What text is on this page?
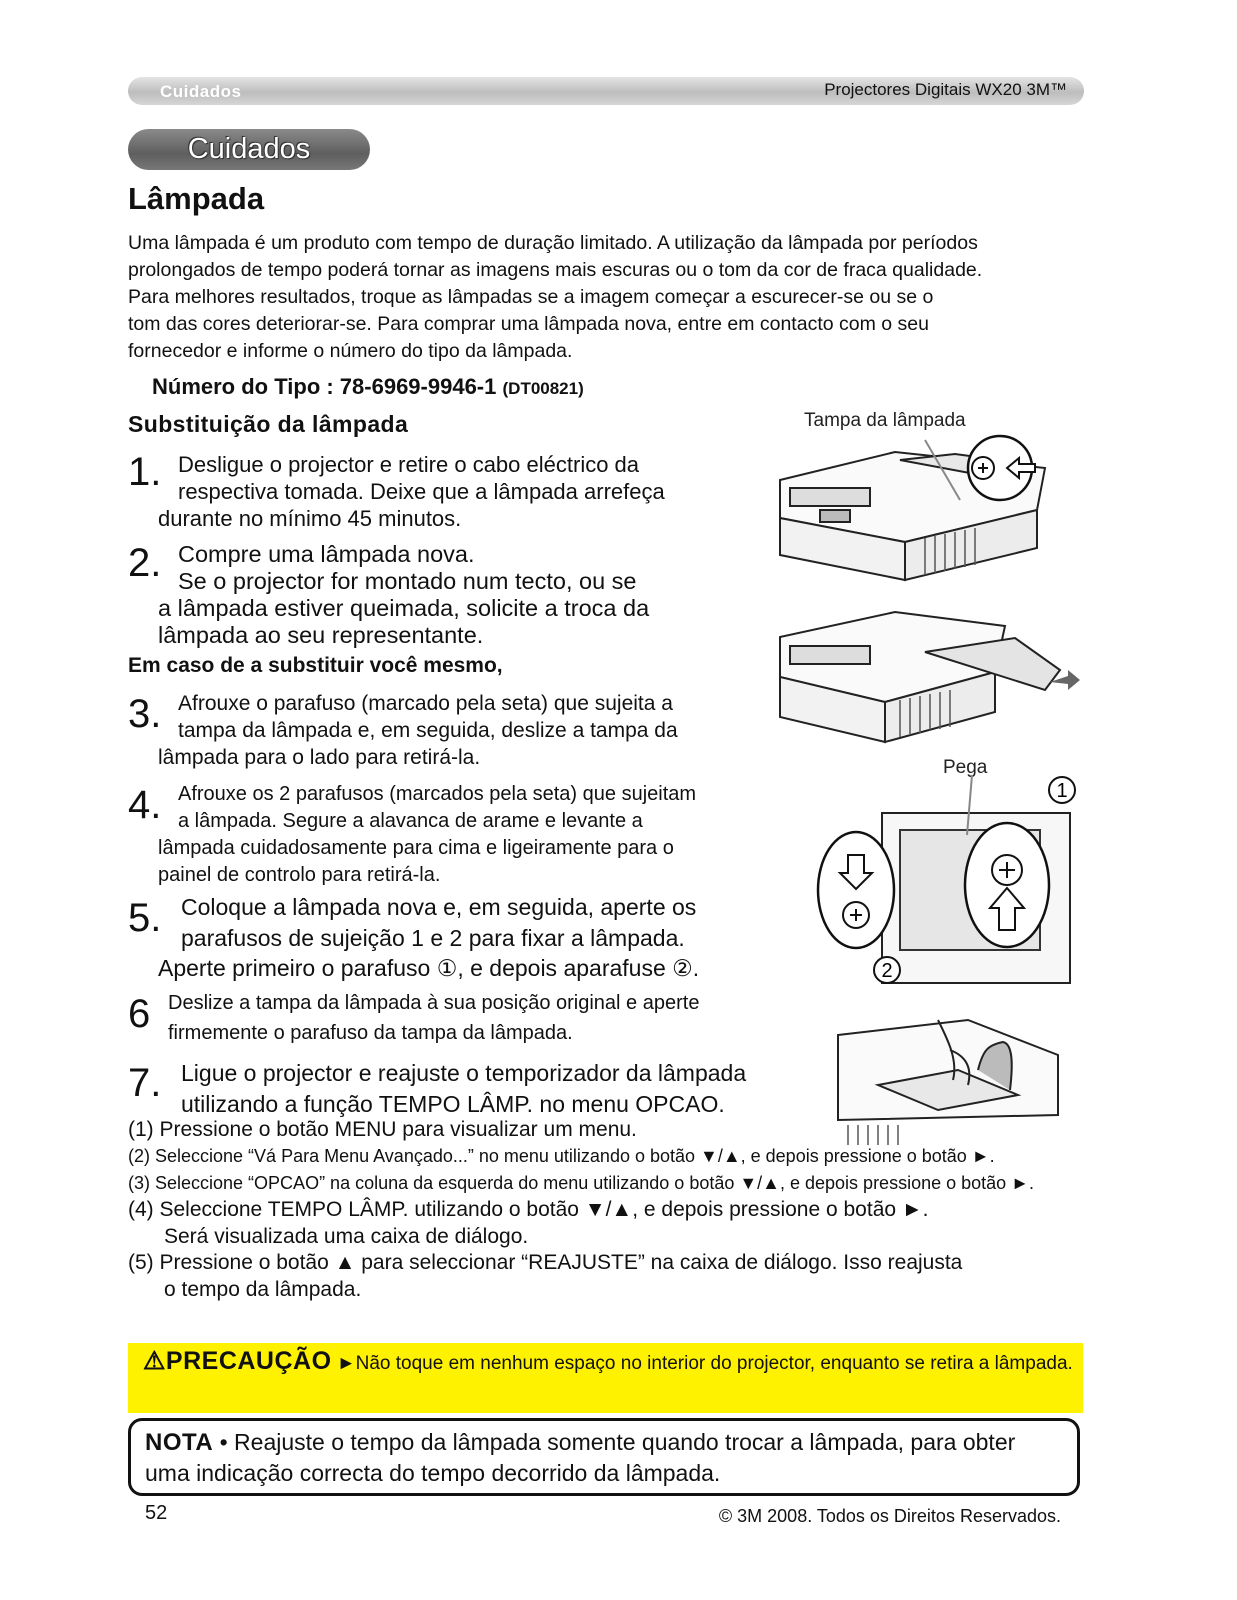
Cuidados	Projectores Digitais WX20 3M™
Cuidados
Lâmpada
Uma lâmpada é um produto com tempo de duração limitado. A utilização da lâmpada por períodos
prolongados de tempo poderá tornar as imagens mais escuras ou o tom da cor de fraca qualidade.
Para melhores resultados, troque as lâmpadas se a imagem começar a escurecer-se ou se o
tom das cores deteriorar-se. Para comprar uma lâmpada nova, entre em contacto com o seu
fornecedor e informe o número do tipo da lâmpada.
Número do Tipo : 78-6969-9946-1 (DT00821)
Substituição da lâmpada
1. Desligue o projector e retire o cabo eléctrico da
respectiva tomada. Deixe que a lâmpada arrefeça
durante no mínimo 45 minutos.
2. Compre uma lâmpada nova.
Se o projector for montado num tecto, ou se
a lâmpada estiver queimada, solicite a troca da
lâmpada ao seu representante.
Em caso de a substituir você mesmo,
3. Afrouxe o parafuso (marcado pela seta) que sujeita a
tampa da lâmpada e, em seguida, deslize a tampa da
lâmpada para o lado para retirá-la.
4. Afrouxe os 2 parafusos (marcados pela seta) que sujeitam
a lâmpada. Segure a alavanca de arame e levante a
lâmpada cuidadosamente para cima e ligeiramente para o
painel de controlo para retirá-la.
5. Coloque a lâmpada nova e, em seguida, aperte os
parafusos de sujeição 1 e 2 para fixar a lâmpada.
Aperte primeiro o parafuso ①, e depois aparafuse ②.
6 Deslize a tampa da lâmpada à sua posição original e aperte
firmemente o parafuso da tampa da lâmpada.
7. Ligue o projector e reajuste o temporizador da lâmpada
utilizando a função TEMPO LÂMP. no menu OPCAO.
(1) Pressione o botão MENU para visualizar um menu.
(2) Seleccione “Vá Para Menu Avançado...” no menu utilizando o botão ▼/▲, e depois pressione o botão ►.
(3) Seleccione “OPCAO” na coluna da esquerda do menu utilizando o botão ▼/▲, e depois pressione o botão ►.
(4) Seleccione TEMPO LÂMP. utilizando o botão ▼/▲, e depois pressione o botão ►.
Será visualizada uma caixa de diálogo.
(5) Pressione o botão ▲ para seleccionar “REAJUSTE” na caixa de diálogo. Isso reajusta
o tempo da lâmpada.
Tampa da lâmpada
Pega
1
2
⚠PRECAUÇÃO ►Não toque em nenhum espaço no interior do projector, enquanto se retira a lâmpada.
NOTA • Reajuste o tempo da lâmpada somente quando trocar a lâmpada, para obter uma indicação correcta do tempo decorrido da lâmpada.
52	© 3M 2008. Todos os Direitos Reservados.
